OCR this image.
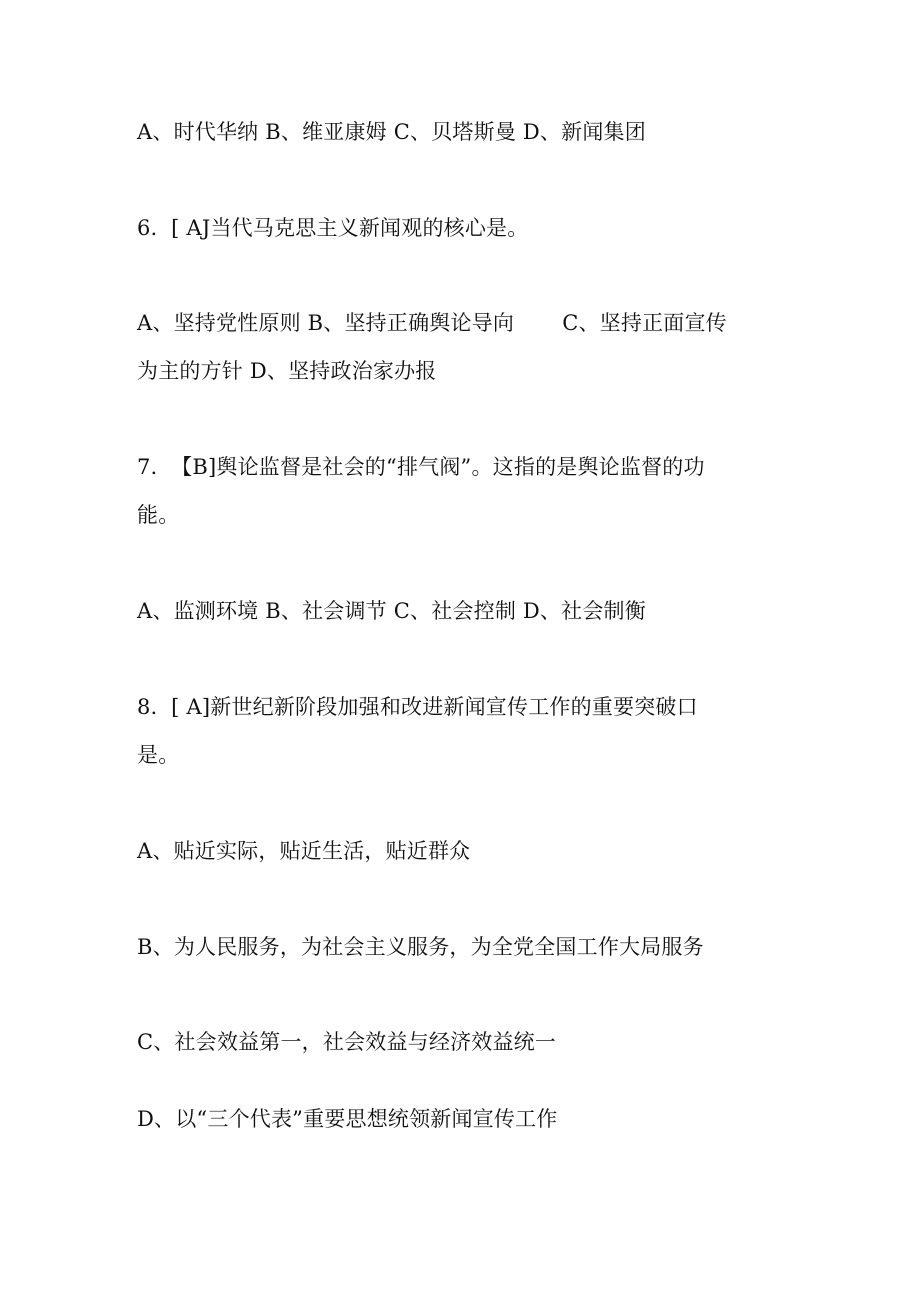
A、时代华纳 B、维亚康姆 C、贝塔斯曼 D、新闻集团
6.  [ AJ当代马克思主义新闻观的核心是。
A、坚持党性原则 B、坚持正确舆论导向       C、坚持正面宣传
为主的方针 D、坚持政治家办报
7.  【B]舆论监督是社会的“排气阀”。这指的是舆论监督的功
能。
A、监测环境 B、社会调节 C、社会控制 D、社会制衡
8.  [ A]新世纪新阶段加强和改进新闻宣传工作的重要突破口
是。
A、贴近实际，贴近生活，贴近群众
B、为人民服务，为社会主义服务，为全党全国工作大局服务
C、社会效益第一，社会效益与经济效益统一
D、以“三个代表”重要思想统领新闻宣传工作
